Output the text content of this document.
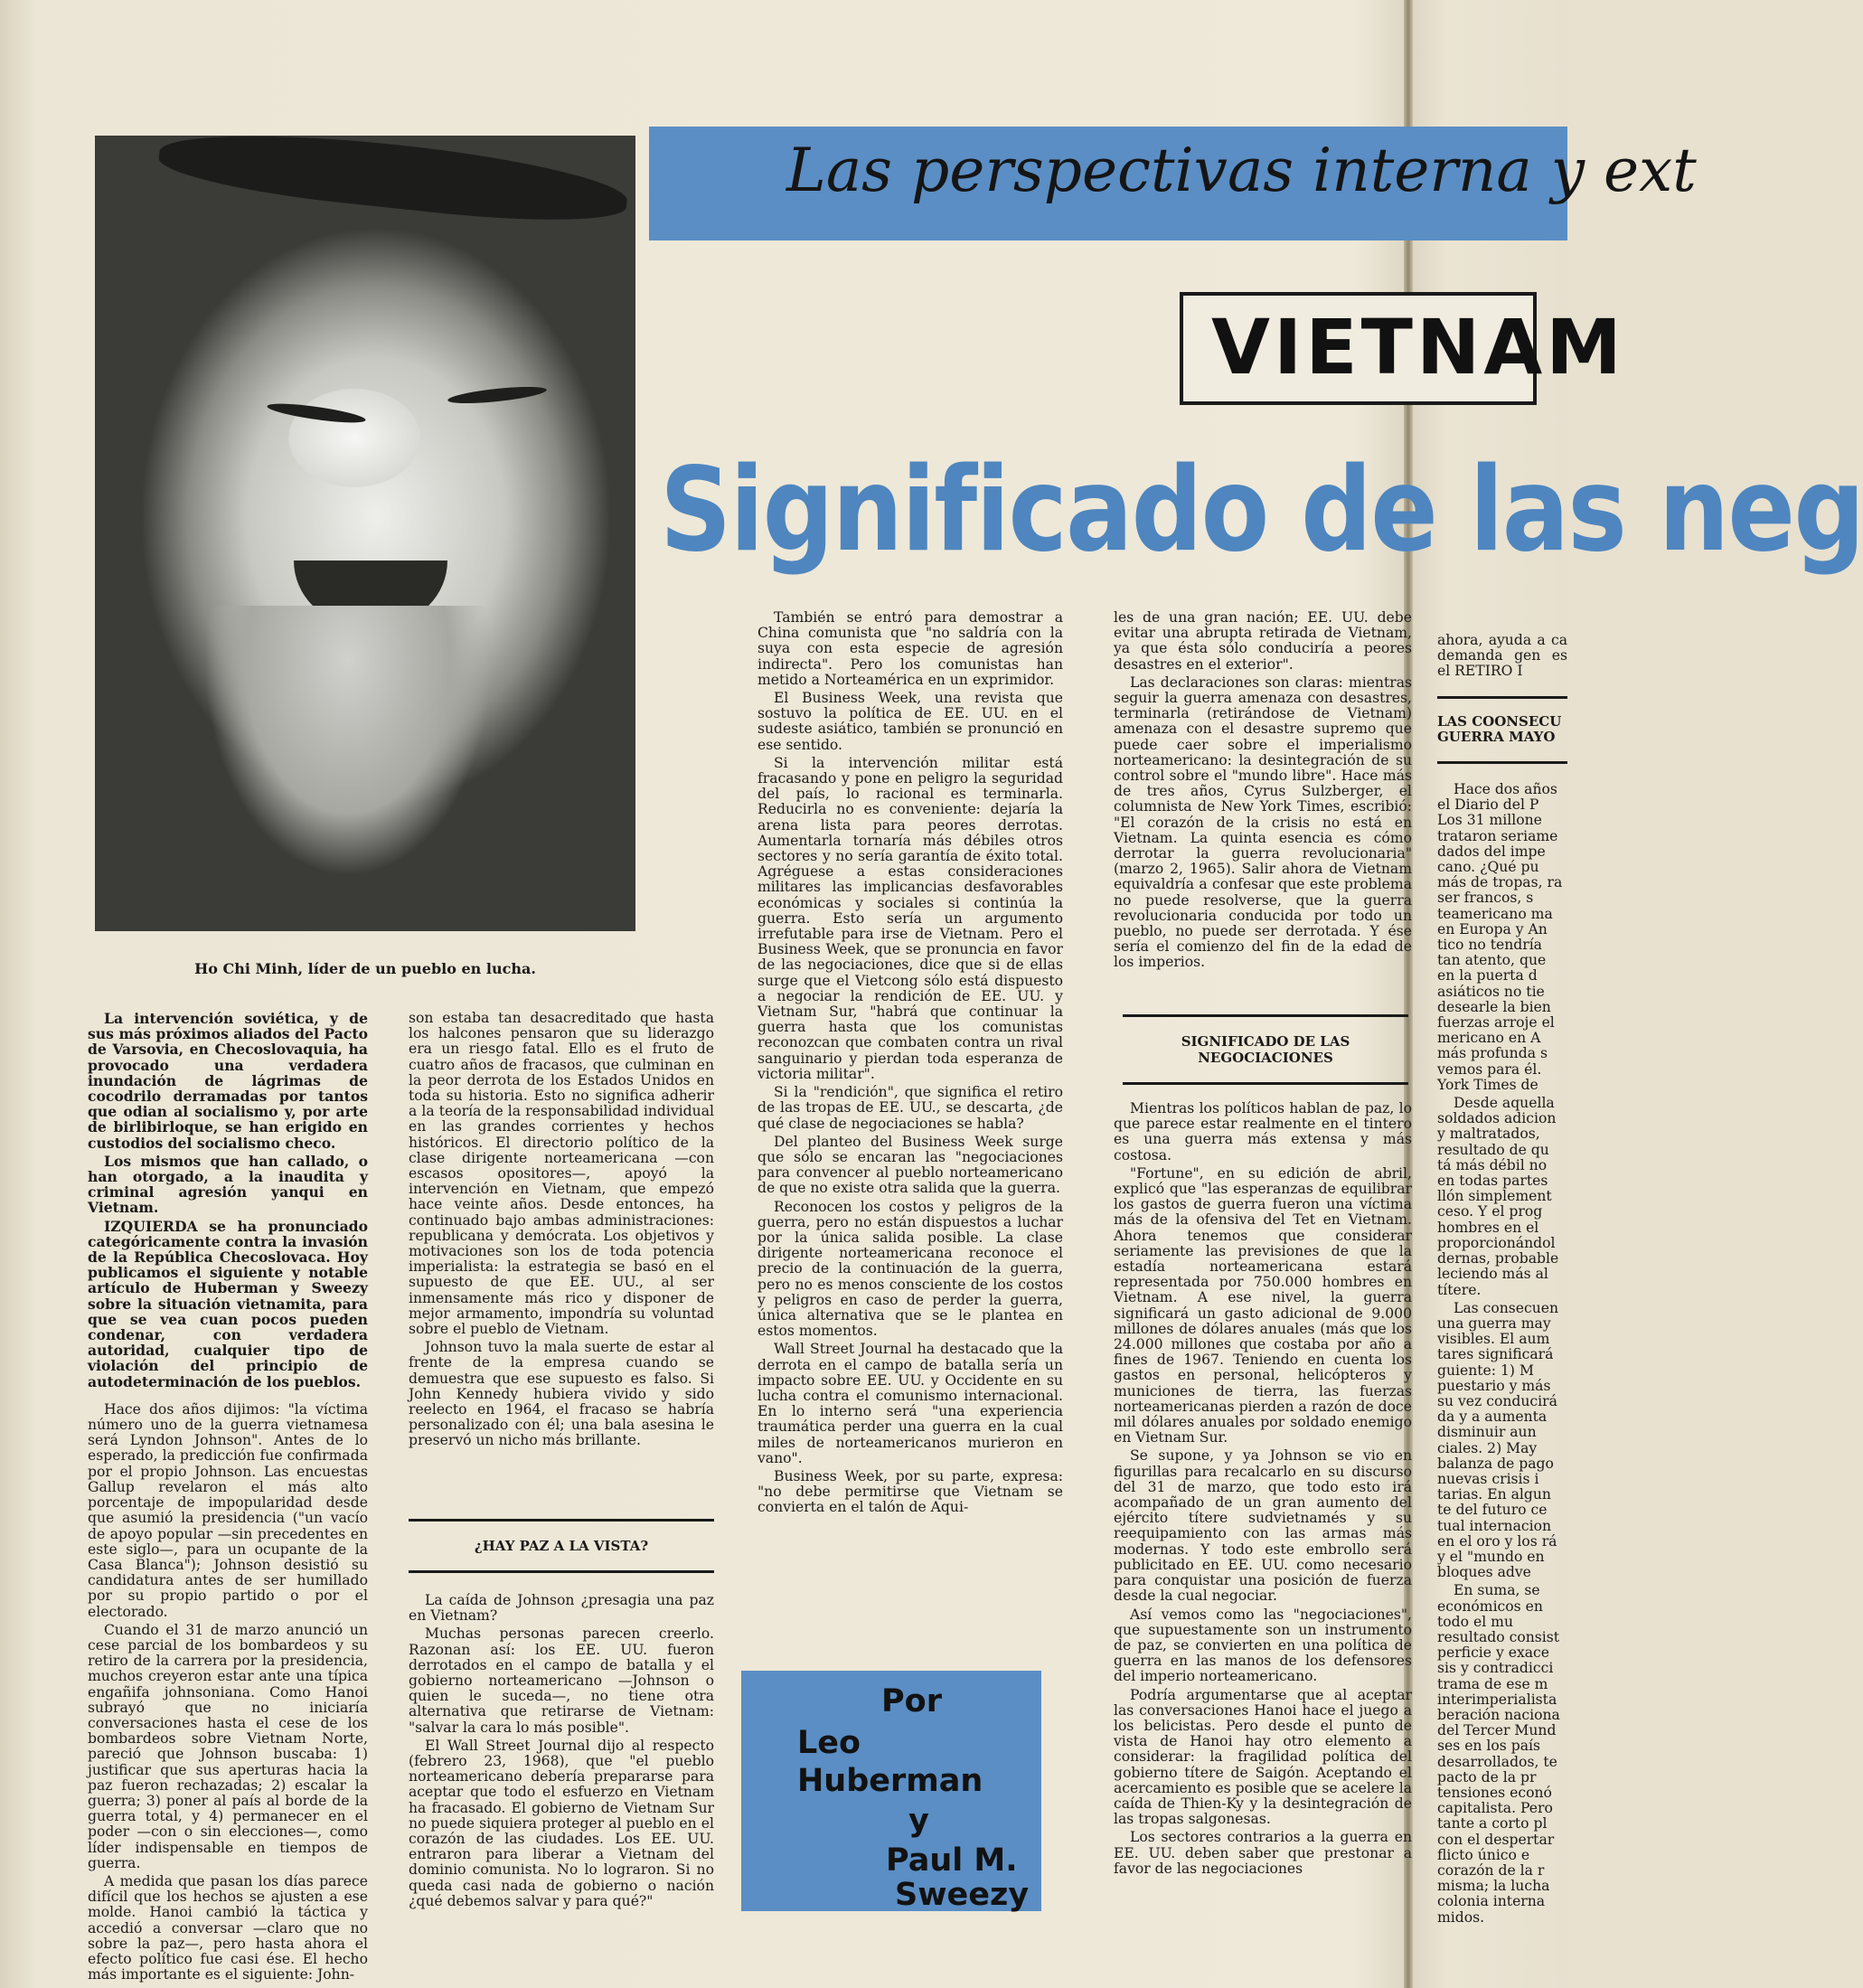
Ho Chi Minh, líder de un pueblo en lucha.
Las perspectivas interna y ext
VIETNAM
Significado de las neg

La intervención soviética, y de sus más próximos aliados del Pacto de Varsovia, en Checoslovaquia, ha provocado una verdadera inundación de lágrimas de cocodrilo derramadas por tantos que odian al socialismo y, por arte de birlibirloque, se han erigido en custodios del socialismo checo.

Los mismos que han callado, o han otorgado, a la inaudita y criminal agresión yanqui en Vietnam.

IZQUIERDA se ha pronunciado categóricamente contra la invasión de la República Checoslovaca. Hoy publicamos el siguiente y notable artículo de Huberman y Sweezy sobre la situación vietnamita, para que se vea cuan pocos pueden condenar, con verdadera autoridad, cualquier tipo de violación del principio de autodeterminación de los pueblos.

Hace dos años dijimos: "la víctima número uno de la guerra vietnamesa será Lyndon Johnson". Antes de lo esperado, la predicción fue confirmada por el propio Johnson. Las encuestas Gallup revelaron el más alto porcentaje de impopularidad desde que asumió la presidencia ("un vacío de apoyo popular —sin precedentes en este siglo—, para un ocupante de la Casa Blanca"); Johnson desistió su candidatura antes de ser humillado por su propio partido o por el electorado.

Cuando el 31 de marzo anunció un cese parcial de los bombardeos y su retiro de la carrera por la presidencia, muchos creyeron estar ante una típica engañifa johnsoniana. Como Hanoi subrayó que no iniciaría conversaciones hasta el cese de los bombardeos sobre Vietnam Norte, pareció que Johnson buscaba: 1) justificar que sus aperturas hacia la paz fueron rechazadas; 2) escalar la guerra; 3) poner al país al borde de la guerra total, y 4) permanecer en el poder —con o sin elecciones—, como líder indispensable en tiempos de guerra.

A medida que pasan los días parece difícil que los hechos se ajusten a ese molde. Hanoi cambió la táctica y accedió a conversar —claro que no sobre la paz—, pero hasta ahora el efecto político fue casi ése. El hecho más importante es el siguiente: John-

son estaba tan desacreditado que hasta los halcones pensaron que su liderazgo era un riesgo fatal. Ello es el fruto de cuatro años de fracasos, que culminan en la peor derrota de los Estados Unidos en toda su historia. Esto no significa adherir a la teoría de la responsabilidad individual en las grandes corrientes y hechos históricos. El directorio político de la clase dirigente norteamericana —con escasos opositores—, apoyó la intervención en Vietnam, que empezó hace veinte años. Desde entonces, ha continuado bajo ambas administraciones: republicana y demócrata. Los objetivos y motivaciones son los de toda potencia imperialista: la estrategia se basó en el supuesto de que EE. UU., al ser inmensamente más rico y disponer de mejor armamento, impondría su voluntad sobre el pueblo de Vietnam.

Johnson tuvo la mala suerte de estar al frente de la empresa cuando se demuestra que ese supuesto es falso. Si John Kennedy hubiera vivido y sido reelecto en 1964, el fracaso se habría personalizado con él; una bala asesina le preservó un nicho más brillante.

¿HAY PAZ A LA VISTA?

La caída de Johnson ¿presagia una paz en Vietnam?

Muchas personas parecen creerlo. Razonan así: los EE. UU. fueron derrotados en el campo de batalla y el gobierno norteamericano —Johnson o quien le suceda—, no tiene otra alternativa que retirarse de Vietnam: "salvar la cara lo más posible".

El Wall Street Journal dijo al respecto (febrero 23, 1968), que "el pueblo norteamericano debería prepararse para aceptar que todo el esfuerzo en Vietnam ha fracasado. El gobierno de Vietnam Sur no puede siquiera proteger al pueblo en el corazón de las ciudades. Los EE. UU. entraron para liberar a Vietnam del dominio comunista. No lo lograron. Si no queda casi nada de gobierno o nación ¿qué debemos salvar y para qué?"

También se entró para demostrar a China comunista que "no saldría con la suya con esta especie de agresión indirecta". Pero los comunistas han metido a Norteamérica en un exprimidor.

El Business Week, una revista que sostuvo la política de EE. UU. en el sudeste asiático, también se pronunció en ese sentido.

Si la intervención militar está fracasando y pone en peligro la seguridad del país, lo racional es terminarla. Reducirla no es conveniente: dejaría la arena lista para peores derrotas. Aumentarla tornaría más débiles otros sectores y no sería garantía de éxito total. Agréguese a estas consideraciones militares las implicancias desfavorables económicas y sociales si continúa la guerra. Esto sería un argumento irrefutable para irse de Vietnam. Pero el Business Week, que se pronuncia en favor de las negociaciones, dice que si de ellas surge que el Vietcong sólo está dispuesto a negociar la rendición de EE. UU. y Vietnam Sur, "habrá que continuar la guerra hasta que los comunistas reconozcan que combaten contra un rival sanguinario y pierdan toda esperanza de victoria militar".

Si la "rendición", que significa el retiro de las tropas de EE. UU., se descarta, ¿de qué clase de negociaciones se habla?

Del planteo del Business Week surge que sólo se encaran las "negociaciones para convencer al pueblo norteamericano de que no existe otra salida que la guerra.

Reconocen los costos y peligros de la guerra, pero no están dispuestos a luchar por la única salida posible. La clase dirigente norteamericana reconoce el precio de la continuación de la guerra, pero no es menos consciente de los costos y peligros en caso de perder la guerra, única alternativa que se le plantea en estos momentos.

Wall Street Journal ha destacado que la derrota en el campo de batalla sería un impacto sobre EE. UU. y Occidente en su lucha contra el comunismo internacional. En lo interno será "una experiencia traumática perder una guerra en la cual miles de norteamericanos murieron en vano".

Business Week, por su parte, expresa: "no debe permitirse que Vietnam se convierta en el talón de Aqui-

Por
Leo
Huberman
y
Paul M.
Sweezy

les de una gran nación; EE. UU. debe evitar una abrupta retirada de Vietnam, ya que ésta sólo conduciría a peores desastres en el exterior".

Las declaraciones son claras: mientras seguir la guerra amenaza con desastres, terminarla (retirándose de Vietnam) amenaza con el desastre supremo que puede caer sobre el imperialismo norteamericano: la desintegración de su control sobre el "mundo libre". Hace más de tres años, Cyrus Sulzberger, el columnista de New York Times, escribió: "El corazón de la crisis no está en Vietnam. La quinta esencia es cómo derrotar la guerra revolucionaria" (marzo 2, 1965). Salir ahora de Vietnam equivaldría a confesar que este problema no puede resolverse, que la guerra revolucionaria conducida por todo un pueblo, no puede ser derrotada. Y ése sería el comienzo del fin de la edad de los imperios.

SIGNIFICADO DE LAS NEGOCIACIONES

Mientras los políticos hablan de paz, lo que parece estar realmente en el tintero es una guerra más extensa y más costosa.

"Fortune", en su edición de abril, explicó que "las esperanzas de equilibrar los gastos de guerra fueron una víctima más de la ofensiva del Tet en Vietnam. Ahora tenemos que considerar seriamente las previsiones de que la estadía norteamericana estará representada por 750.000 hombres en Vietnam. A ese nivel, la guerra significará un gasto adicional de 9.000 millones de dólares anuales (más que los 24.000 millones que costaba por año a fines de 1967. Teniendo en cuenta los gastos en personal, helicópteros y municiones de tierra, las fuerzas norteamericanas pierden a razón de doce mil dólares anuales por soldado enemigo en Vietnam Sur.

Se supone, y ya Johnson se vio en figurillas para recalcarlo en su discurso del 31 de marzo, que todo esto irá acompañado de un gran aumento del ejército títere sudvietnamés y su reequipamiento con las armas más modernas. Y todo este embrollo será publicitado en EE. UU. como necesario para conquistar una posición de fuerza desde la cual negociar.

Así vemos como las "negociaciones", que supuestamente son un instrumento de paz, se convierten en una política de guerra en las manos de los defensores del imperio norteamericano.

Podría argumentarse que al aceptar las conversaciones Hanoi hace el juego a los belicistas. Pero desde el punto de vista de Hanoi hay otro elemento a considerar: la fragilidad política del gobierno títere de Saigón. Aceptando el acercamiento es posible que se acelere la caída de Thien-Ky y la desintegración de las tropas salgonesas.

Los sectores contrarios a la guerra en EE. UU. deben saber que prestonar a favor de las negociaciones

ahora, ayuda a ca demanda gen es el RETIRO I

LAS COONSECU GUERRA MAYO

Hace dos años el Diario del P Los 31 millone trataron seriame dados del impe cano. ¿Qué pu más de tropas, ra ser francos, s teamericano ma en Europa y An tico no tendría tan atento, que en la puerta d asiáticos no tie desearle la bien fuerzas arroje el mericano en A más profunda s vemos para él. York Times de

Desde aquella soldados adicion y maltratados, resultado de qu tá más débil no en todas partes llón simplement ceso. Y el prog hombres en el proporcionándol dernas, probable leciendo más al títere.

Las consecuen una guerra may visibles. El aum tares significará guiente: 1) M puestario y más su vez conducirá da y a aumenta disminuir aun ciales. 2) May balanza de pago nuevas crisis i tarias. En algun te del futuro ce tual internacion en el oro y los rá y el "mundo en bloques adve

En suma, se económicos en todo el mu resultado consist perficie y exace sis y contradicci trama de ese m interimperialista beración naciona del Tercer Mund ses en los país desarrollados, te pacto de la pr tensiones econó capitalista. Pero tante a corto pl con el despertar flicto único e corazón de la r misma; la lucha colonia interna midos.
